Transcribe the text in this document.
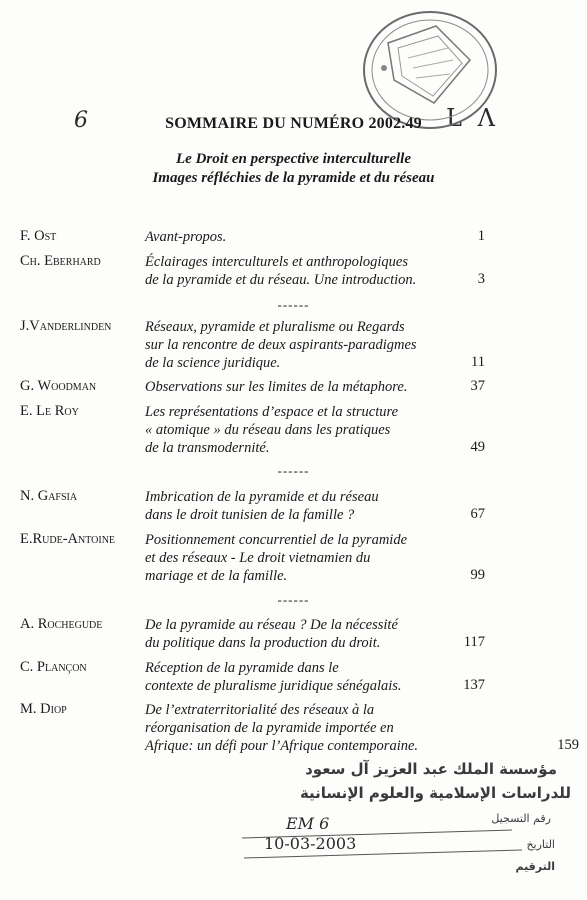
6	L Λ
SOMMAIRE DU NUMÉRO 2002.49
Le Droit en perspective interculturelle
Images réfléchies de la pyramide et du réseau
F. Ost	Avant-propos.	1
Ch. Eberhard	Éclairages interculturels et anthropologiques
de la pyramide et du réseau. Une introduction.	3
------
J.Vanderlinden Réseaux, pyramide et pluralisme ou Regards
sur la rencontre de deux aspirants-paradigmes
de la science juridique.	11
G. Woodman	Observations sur les limites de la métaphore.	37
E. Le Roy	Les représentations d’espace et la structure
« atomique » du réseau dans les pratiques
de la transmodernité.	49
------
N. Gafsia	Imbrication de la pyramide et du réseau
dans le droit tunisien de la famille ?	67
E.Rude-Antoine Positionnement concurrentiel de la pyramide
et des réseaux - Le droit vietnamien du
mariage et de la famille.	99
------
A. Rochegude	De la pyramide au réseau ? De la nécessité
du politique dans la production du droit.	117
C. Plançon	Réception de la pyramide dans le
contexte de pluralisme juridique sénégalais.	137
M. Diop	De l’extraterritorialité des réseaux à la
réorganisation de la pyramide importée en
Afrique: un défi pour l’Afrique contemporaine.	159
مؤسسة الملك عبد العزيز آل سعود
للدراسات الإسلامية والعلوم الإنسانية
رقم التسجيل
EM 6
التاريخ
10-03-2003
الترقيم
